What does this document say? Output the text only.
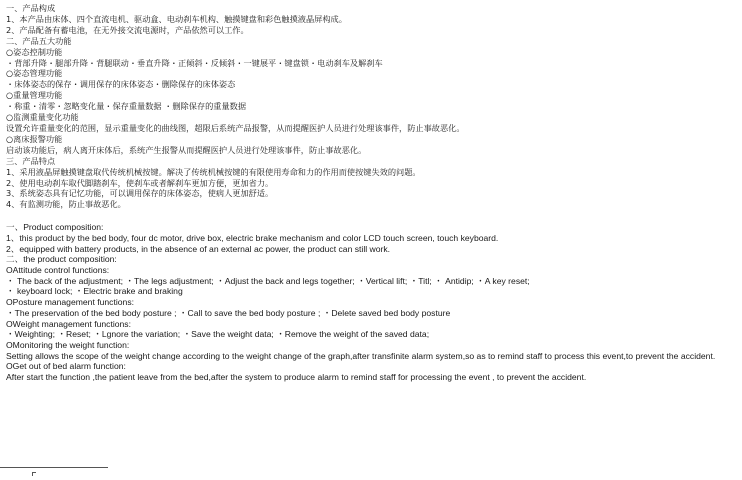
一、产品构成
1、本产品由床体、四个直流电机、驱动盒、电动刹车机构、触摸键盘和彩色触摸液晶屏构成。
2、产品配备有蓄电池，在无外接交流电源时，产品依然可以工作。
二、产品五大功能
○姿态控制功能
・背部升降・腿部升降・背腿联动・垂直升降・正倾斜・反倾斜・一键展平・键盘锁・电动刹车及解刹车
○姿态管理功能
・床体姿态的保存・调用保存的床体姿态・删除保存的床体姿态
○重量管理功能
・称重・清零・忽略变化量・保存重量数据 ・删除保存的重量数据
○监测重量变化功能
设置允许重量变化的范围，显示重量变化的曲线图，超限后系统产品报警，从而提醒医护人员进行处理该事件，防止事故恶化。
○离床报警功能
启动该功能后，病人离开床体后，系统产生报警从而提醒医护人员进行处理该事件，防止事故恶化。
三、产品特点
1、采用液晶屏触摸键盘取代传统机械按键。解决了传统机械按键的有限使用寿命和力的作用而使按键失效的问题。
2、使用电动刹车取代脚踏刹车，使刹车或者解刹车更加方便，更加省力。
3、系统姿态具有记忆功能，可以调用保存的床体姿态，使病人更加舒适。
4、有监测功能，防止事故恶化。
一、Product composition:
1、this product by the bed body, four dc motor, drive box, electric brake mechanism and color LCD touch screen, touch keyboard.
2、equipped with battery products, in the absence of an external ac power, the product can still work.
二、the product composition:
OAttitude control functions:
・ The back of the adjustment; ・The legs adjustment; ・Adjust the back and legs together; ・Vertical lift; ・Titl; ・ Antidip; ・A key reset;
・ keyboard lock; ・Electric brake and braking
OPosture management functions:
・The preservation of the bed body posture ; ・Call to save the bed body posture ; ・Delete saved bed body posture
OWeight management functions:
・Weighting; ・Reset; ・Lgnore the variation; ・Save the weight data; ・Remove the weight of the saved data;
OMonitoring the weight function:
Setting allows the scope of the weight change according to the weight change of the graph,after transfinite alarm system,so as to remind staff to process this event,to prevent the accident.
OGet out of bed alarm function:
After start the function ,the patient leave from the bed,after the system to produce alarm to remind staff for processing the event , to prevent the accident.
